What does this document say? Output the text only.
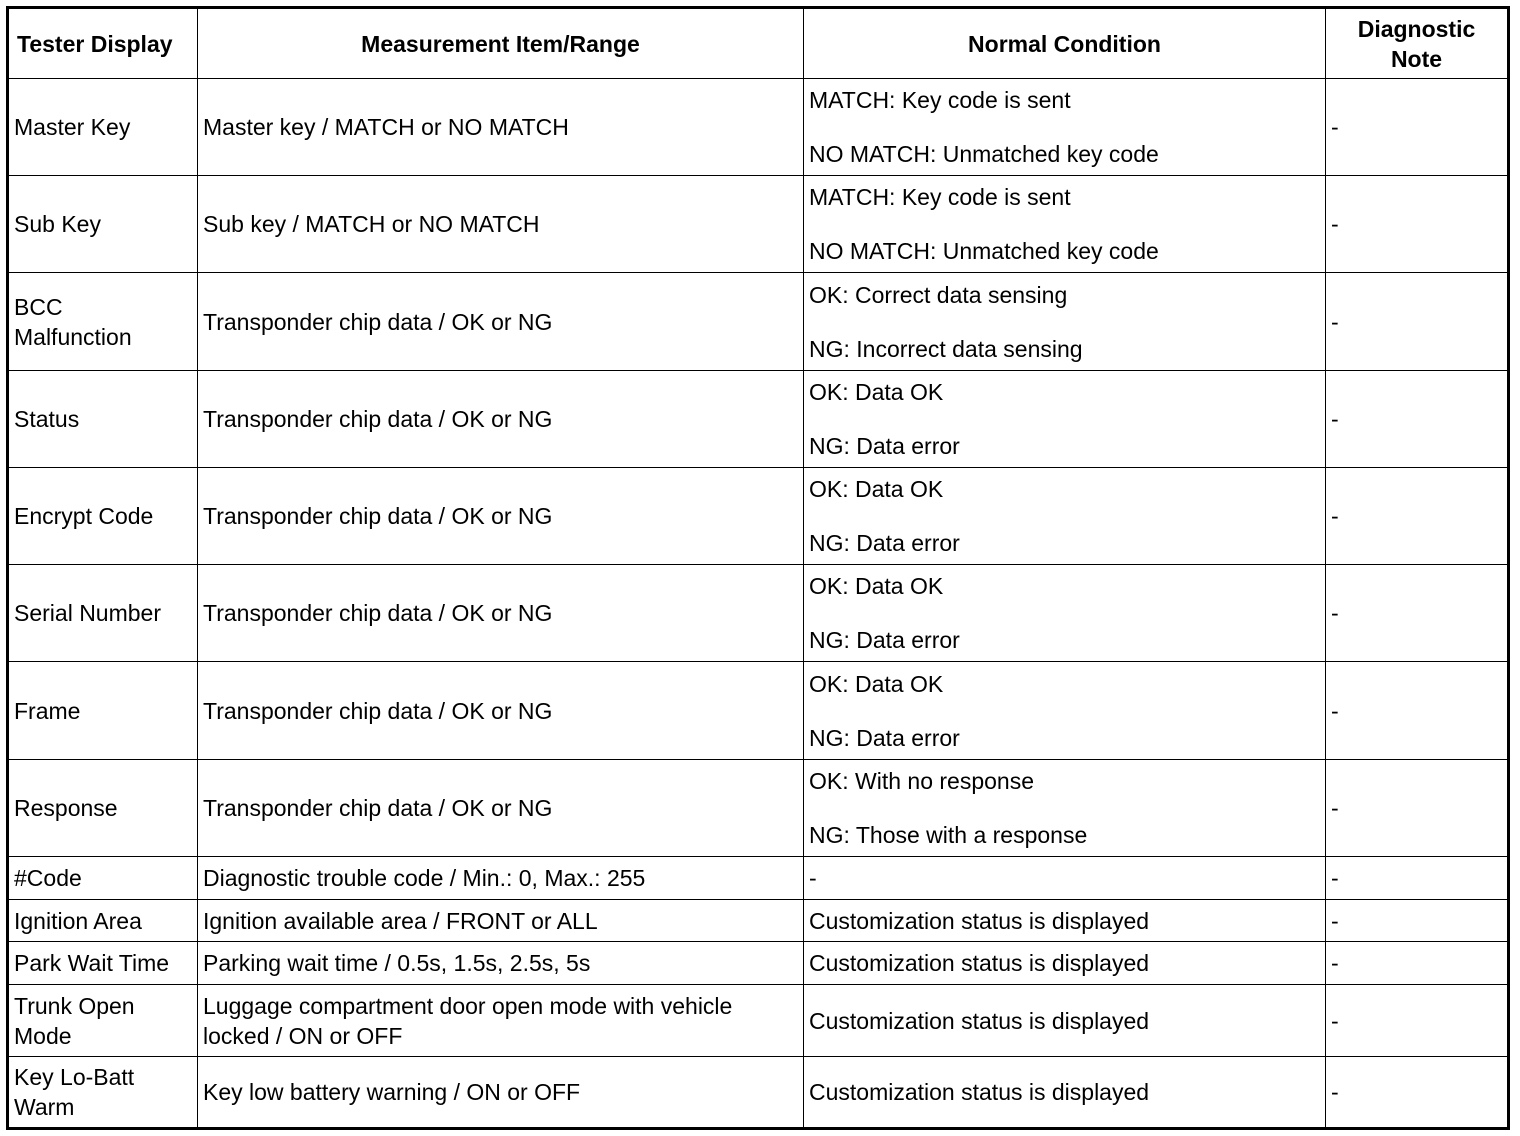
Tester Display	Measurement Item/Range	Normal Condition	Diagnostic
Note

Master Key	Master key / MATCH or NO MATCH	MATCH: Key code is sent
NO MATCH: Unmatched key code	-

Sub Key	Sub key / MATCH or NO MATCH	MATCH: Key code is sent
NO MATCH: Unmatched key code	-

BCC
Malfunction	Transponder chip data / OK or NG	OK: Correct data sensing
NG: Incorrect data sensing	-

Status	Transponder chip data / OK or NG	OK: Data OK
NG: Data error	-

Encrypt Code	Transponder chip data / OK or NG	OK: Data OK
NG: Data error	-

Serial Number	Transponder chip data / OK or NG	OK: Data OK
NG: Data error	-

Frame	Transponder chip data / OK or NG	OK: Data OK
NG: Data error	-

Response	Transponder chip data / OK or NG	OK: With no response
NG: Those with a response	-

#Code	Diagnostic trouble code / Min.: 0, Max.: 255	-	-

Ignition Area	Ignition available area / FRONT or ALL	Customization status is displayed	-

Park Wait Time	Parking wait time / 0.5s, 1.5s, 2.5s, 5s	Customization status is displayed	-

Trunk Open
Mode	Luggage compartment door open mode with vehicle
locked / ON or OFF	Customization status is displayed	-

Key Lo-Batt
Warm	Key low battery warning / ON or OFF	Customization status is displayed	-
